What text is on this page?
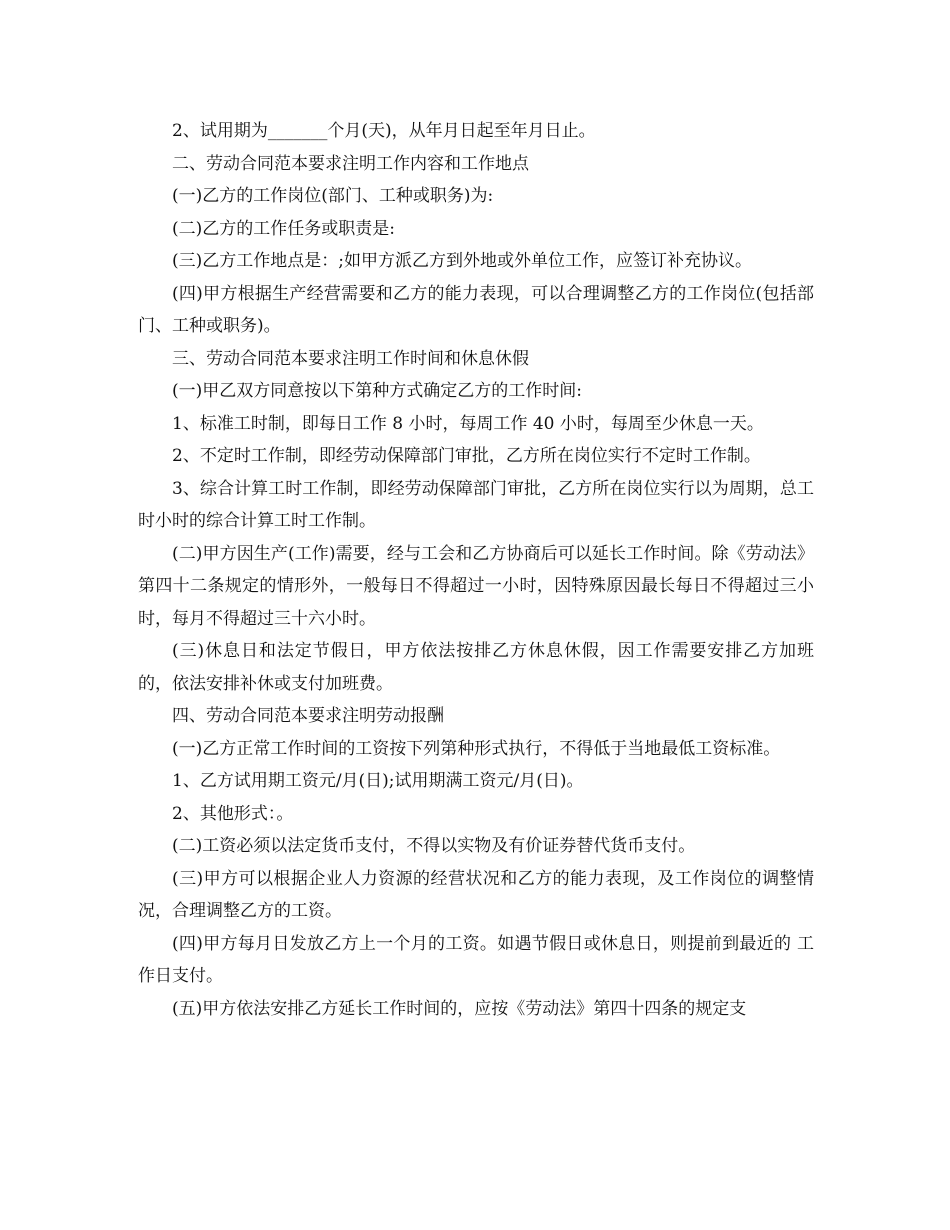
2、试用期为_______个月(天)，从年月日起至年月日止。

二、劳动合同范本要求注明工作内容和工作地点

(一)乙方的工作岗位(部门、工种或职务)为:

(二)乙方的工作任务或职责是:

(三)乙方工作地点是：;如甲方派乙方到外地或外单位工作，应签订补充协议。

(四)甲方根据生产经营需要和乙方的能力表现，可以合理调整乙方的工作岗位(包括部门、工种或职务)。

三、劳动合同范本要求注明工作时间和休息休假

(一)甲乙双方同意按以下第种方式确定乙方的工作时间:

1、标准工时制，即每日工作 8 小时，每周工作 40 小时，每周至少休息一天。

2、不定时工作制，即经劳动保障部门审批，乙方所在岗位实行不定时工作制。

3、综合计算工时工作制，即经劳动保障部门审批，乙方所在岗位实行以为周期，总工时小时的综合计算工时工作制。

(二)甲方因生产(工作)需要，经与工会和乙方协商后可以延长工作时间。除《劳动法》第四十二条规定的情形外，一般每日不得超过一小时，因特殊原因最长每日不得超过三小时，每月不得超过三十六小时。

(三)休息日和法定节假日，甲方依法按排乙方休息休假，因工作需要安排乙方加班的，依法安排补休或支付加班费。

四、劳动合同范本要求注明劳动报酬

(一)乙方正常工作时间的工资按下列第种形式执行，不得低于当地最低工资标准。

1、乙方试用期工资元/月(日);试用期满工资元/月(日)。

2、其他形式：。

(二)工资必须以法定货币支付，不得以实物及有价证券替代货币支付。

(三)甲方可以根据企业人力资源的经营状况和乙方的能力表现，及工作岗位的调整情况，合理调整乙方的工资。

(四)甲方每月日发放乙方上一个月的工资。如遇节假日或休息日，则提前到最近的 工作日支付。

(五)甲方依法安排乙方延长工作时间的，应按《劳动法》第四十四条的规定支
